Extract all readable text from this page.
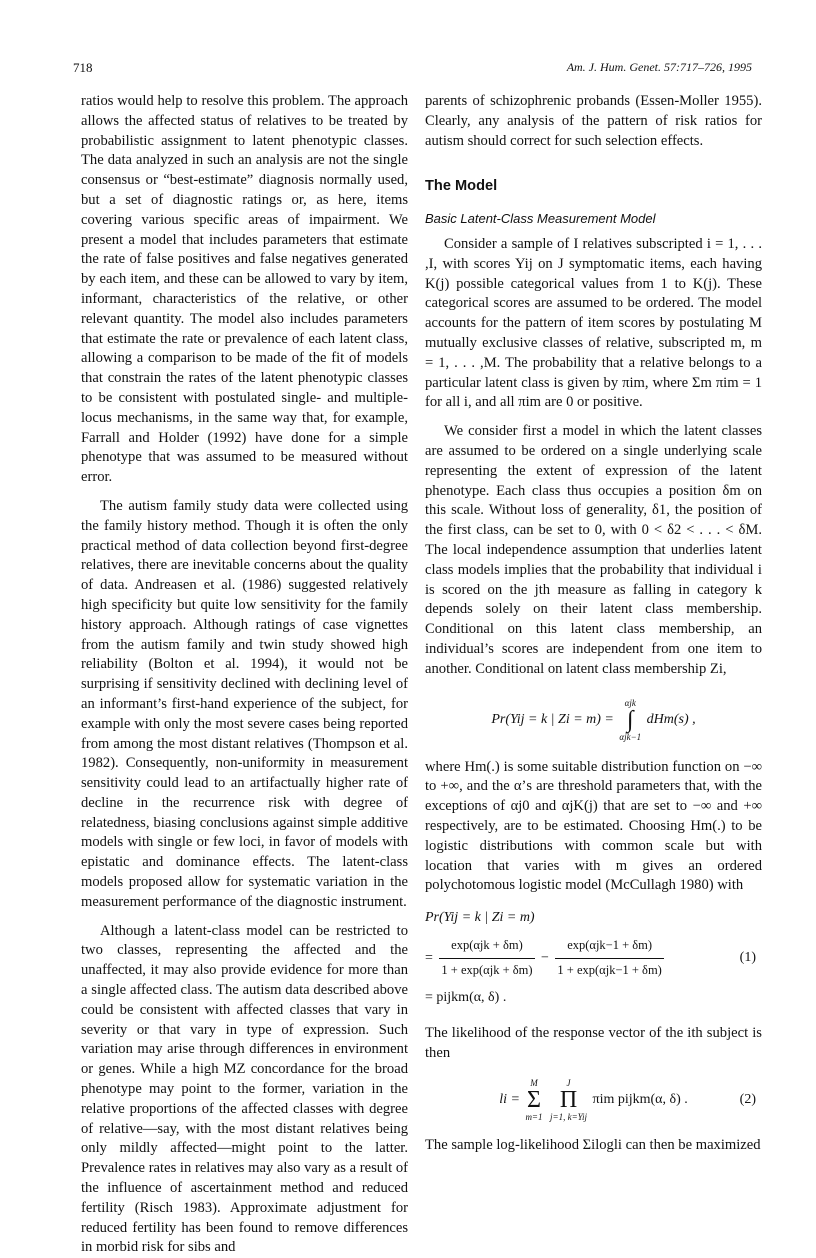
718	Am. J. Hum. Genet. 57:717–726, 1995

ratios would help to resolve this problem. The approach allows the affected status of relatives to be treated by probabilistic assignment to latent phenotypic classes. The data analyzed in such an analysis are not the single consensus or “best-estimate” diagnosis normally used, but a set of diagnostic ratings or, as here, items covering various specific areas of impairment. We present a model that includes parameters that estimate the rate of false positives and false negatives generated by each item, and these can be allowed to vary by item, informant, characteristics of the relative, or other relevant quantity. The model also includes parameters that estimate the rate or prevalence of each latent class, allowing a comparison to be made of the fit of models that constrain the rates of the latent phenotypic classes to be consistent with postulated single- and multiple-locus mechanisms, in the same way that, for example, Farrall and Holder (1992) have done for a simple phenotype that was assumed to be measured without error.

The autism family study data were collected using the family history method. Though it is often the only practical method of data collection beyond first-degree relatives, there are inevitable concerns about the quality of data. Andreasen et al. (1986) suggested relatively high specificity but quite low sensitivity for the family history approach. Although ratings of case vignettes from the autism family and twin study showed high reliability (Bolton et al. 1994), it would not be surprising if sensitivity declined with declining level of an informant’s first-hand experience of the subject, for example with only the most severe cases being reported from among the most distant relatives (Thompson et al. 1982). Consequently, non-uniformity in measurement sensitivity could lead to an artifactually higher rate of decline in the recurrence risk with degree of relatedness, biasing conclusions against simple additive models with single or few loci, in favor of models with epistatic and dominance effects. The latent-class models proposed allow for systematic variation in the measurement performance of the diagnostic instrument.

Although a latent-class model can be restricted to two classes, representing the affected and the unaffected, it may also provide evidence for more than a single affected class. The autism data described above could be consistent with affected classes that vary in severity or that vary in type of expression. Such variation may arise through differences in environment or genes. While a high MZ concordance for the broad phenotype may point to the former, variation in the relative proportions of the affected classes with degree of relative—say, with the most distant relatives being only mildly affected—might point to the latter. Prevalence rates in relatives may also vary as a result of the influence of ascertainment method and reduced fertility (Risch 1983). Approximate adjustment for reduced fertility has been found to remove differences in morbid risk for sibs and

parents of schizophrenic probands (Essen-Moller 1955). Clearly, any analysis of the pattern of risk ratios for autism should correct for such selection effects.

The Model
Basic Latent-Class Measurement Model

Consider a sample of I relatives subscripted i = 1, . . . ,I, with scores Yij on J symptomatic items, each having K(j) possible categorical values from 1 to K(j). These categorical scores are assumed to be ordered. The model accounts for the pattern of item scores by postulating M mutually exclusive classes of relative, subscripted m, m = 1, . . . ,M. The probability that a relative belongs to a particular latent class is given by πim, where Σm πim = 1 for all i, and all πim are 0 or positive.

We consider first a model in which the latent classes are assumed to be ordered on a single underlying scale representing the extent of expression of the latent phenotype. Each class thus occupies a position δm on this scale. Without loss of generality, δ1, the position of the first class, can be set to 0, with 0 < δ2 < . . . < δM. The local independence assumption that underlies latent class models implies that the probability that individual i is scored on the jth measure as falling in category k depends solely on their latent class membership. Conditional on this latent class membership, an individual’s scores are independent from one item to another. Conditional on latent class membership Zi,

Pr(Yij = k | Zi = m) =
αjk
∫
αjk−1
dHm(s) ,

where Hm(.) is some suitable distribution function on −∞ to +∞, and the α’s are threshold parameters that, with the exceptions of αj0 and αjK(j) that are set to −∞ and +∞ respectively, are to be estimated. Choosing Hm(.) to be logistic distributions with common scale but with location that varies with m gives an ordered polychotomous logistic model (McCullagh 1980) with

Pr(Yij = k | Zi = m)
= $\frac{\text{exp(αjk + δm)}}{\text{1 + exp(αjk + δm)}} - \frac{\text{exp(αjk−1 + δm)}}{\text{1 + exp(αjk−1 + δm)}}$	(1)
= pijkm(α, δ) .

The likelihood of the response vector of the ith subject is then

li =
M
Σ
m=1

J
Π
j=1, k=Yij
πim pijkm(α, δ) .	(2)

The sample log-likelihood Σilogli can then be maximized
